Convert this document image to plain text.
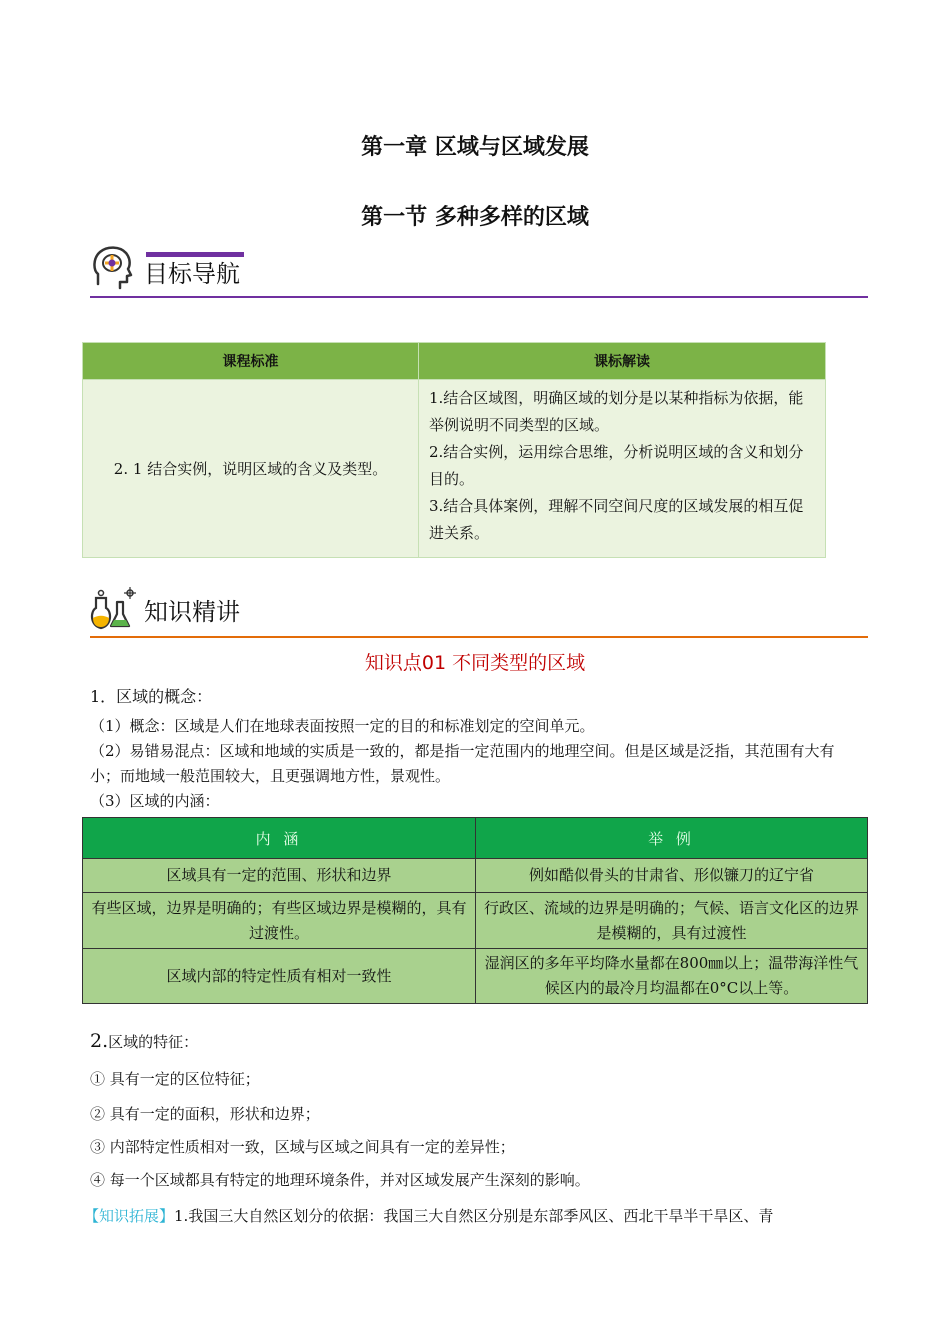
第一章 区域与区域发展
第一节 多种多样的区域
目标导航
课程标准	课标解读
2. 1 结合实例，说明区域的含义及类型。	1.结合区域图，明确区域的划分是以某种指标为依据，能举例说明不同类型的区域。
2.结合实例，运用综合思维，分析说明区域的含义和划分目的。
3.结合具体案例，理解不同空间尺度的区域发展的相互促进关系。
知识精讲
知识点01 不同类型的区域
1．区域的概念：
（1）概念：区域是人们在地球表面按照一定的目的和标准划定的空间单元。
（2）易错易混点：区域和地域的实质是一致的，都是指一定范围内的地理空间。但是区域是泛指，其范围有大有小；而地域一般范围较大，且更强调地方性，景观性。
（3）区域的内涵：
内 涵	举 例
区域具有一定的范围、形状和边界	例如酷似骨头的甘肃省、形似镰刀的辽宁省
有些区域，边界是明确的；有些区域边界是模糊的，具有过渡性。	行政区、流域的边界是明确的；气候、语言文化区的边界是模糊的，具有过渡性
区域内部的特定性质有相对一致性	湿润区的多年平均降水量都在800㎜以上；温带海洋性气候区内的最冷月均温都在0°C以上等。
2.区域的特征：
① 具有一定的区位特征；
② 具有一定的面积，形状和边界；
③ 内部特定性质相对一致，区域与区域之间具有一定的差异性；
④ 每一个区域都具有特定的地理环境条件，并对区域发展产生深刻的影响。
【知识拓展】1.我国三大自然区划分的依据：我国三大自然区分别是东部季风区、西北干旱半干旱区、青
